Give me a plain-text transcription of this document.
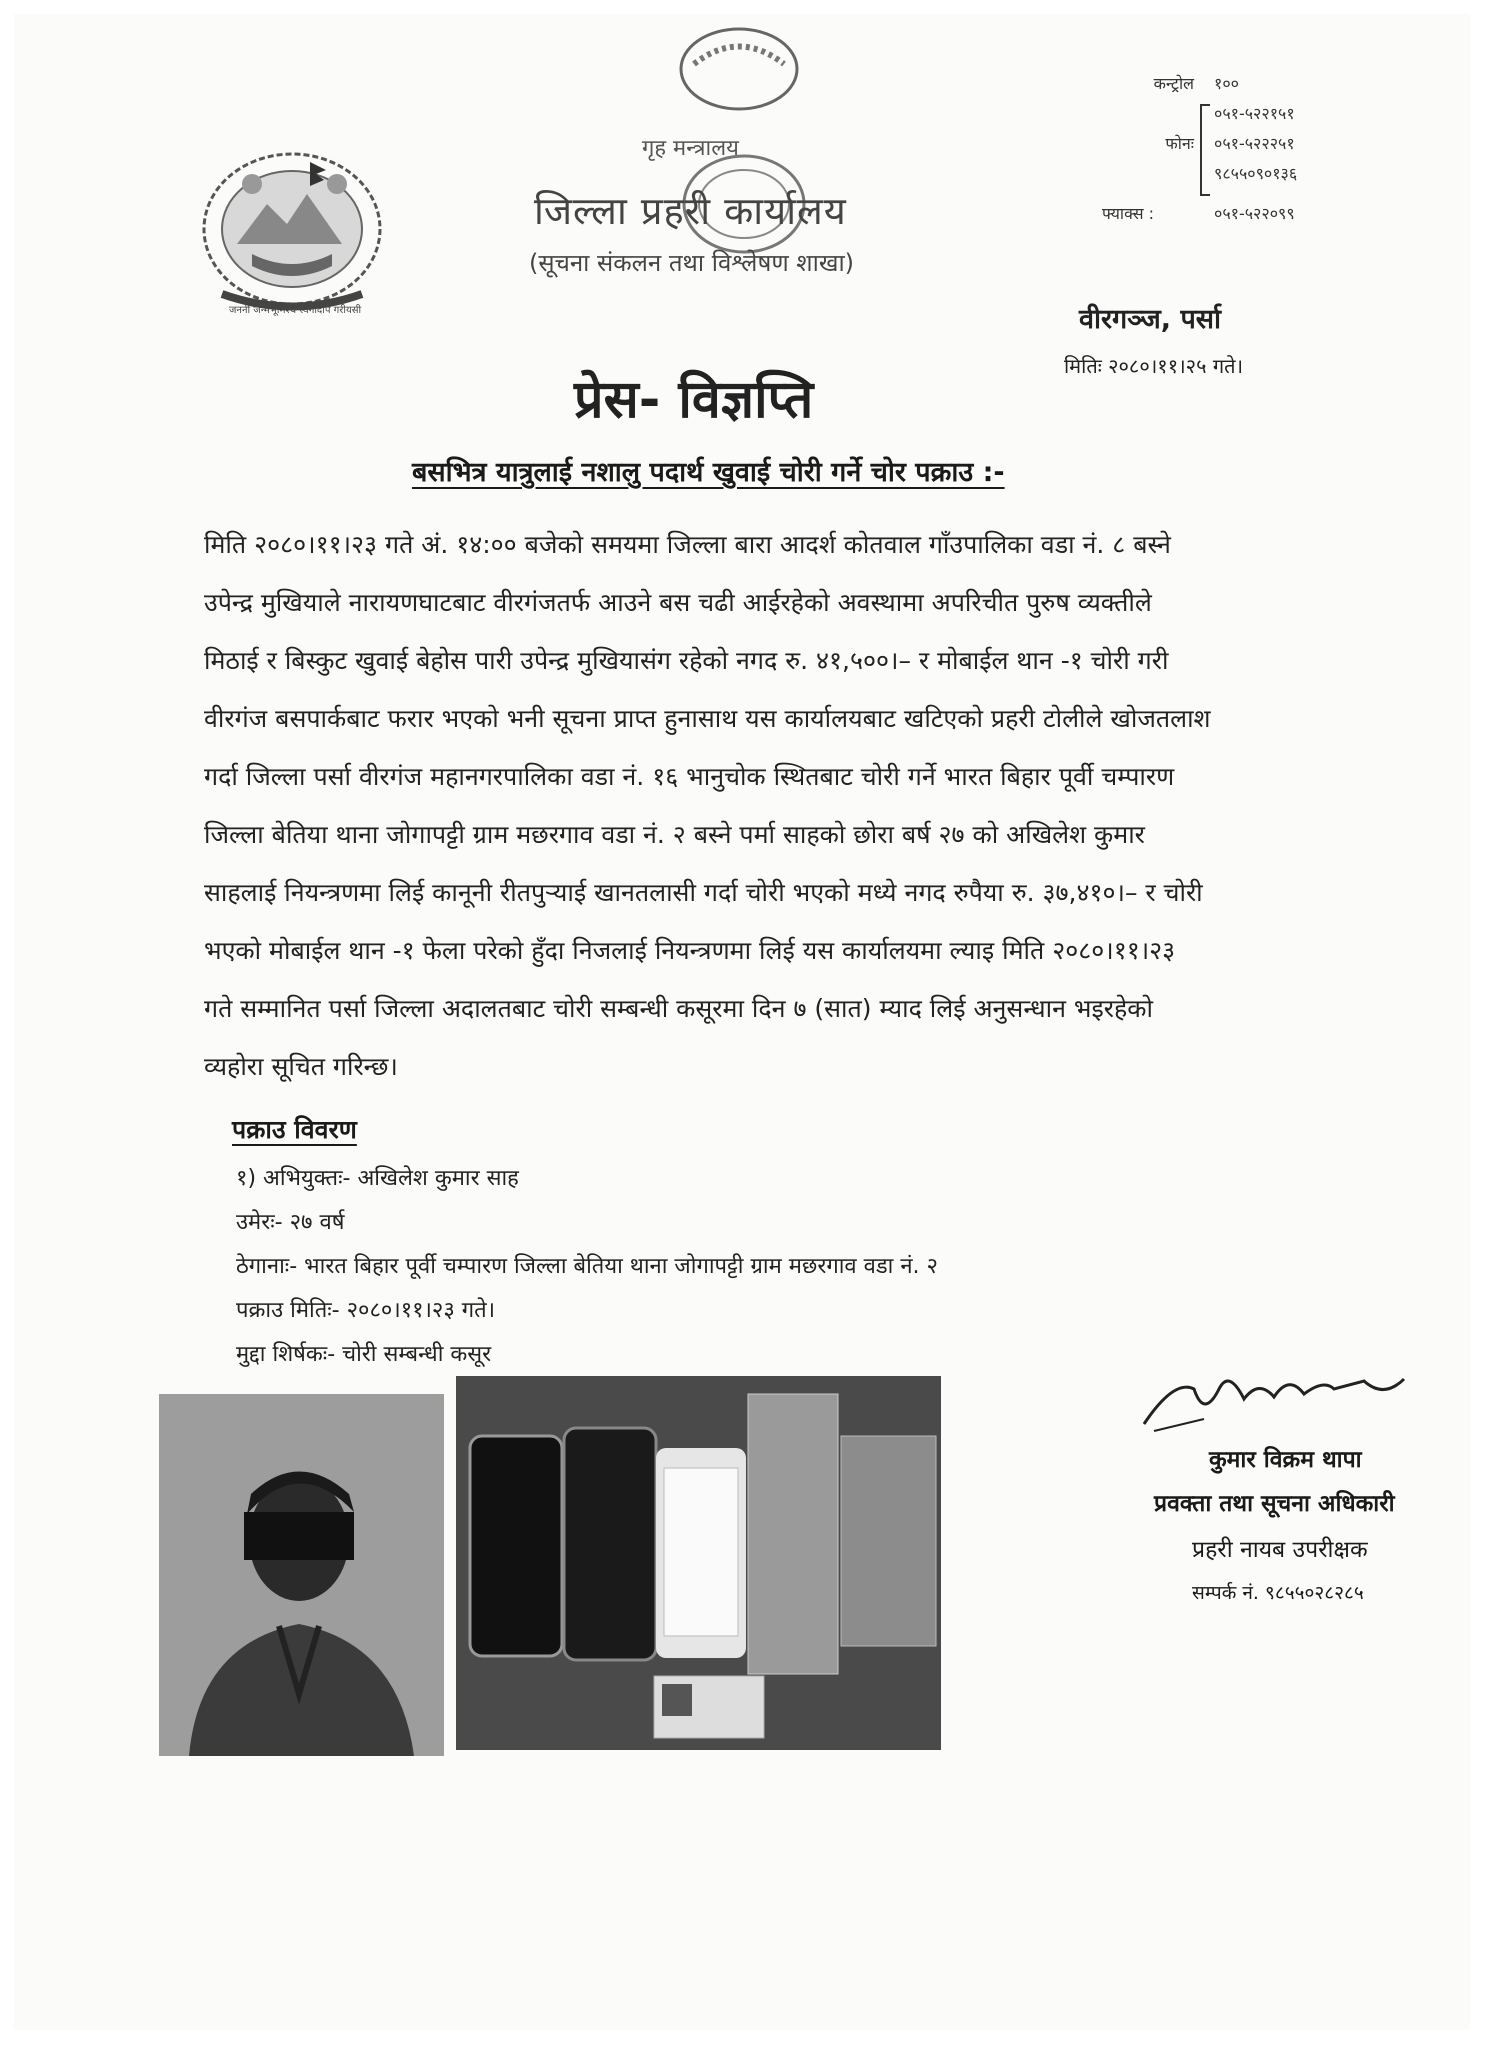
जननी जन्मभूमिश्च स्वर्गादपि गरीयसी
गृह मन्त्रालय
जिल्ला प्रहरी कार्यालय
(सूचना संकलन तथा विश्लेषण शाखा)
कन्ट्रोल १००
०५१-५२२१५१
फोनः ०५१-५२२२५१
९८५५०९०१३६
फ्याक्स :	०५१-५२२०९९
वीरगञ्ज, पर्सा
मितिः २०८०।११।२५ गते।
प्रेस- विज्ञप्ति
बसभित्र यात्रुलाई नशालु पदार्थ खुवाई चोरी गर्ने चोर पक्राउ :-
मिति २०८०।११।२३ गते अं. १४:०० बजेको समयमा जिल्ला बारा आदर्श कोतवाल गाँउपालिका वडा नं. ८ बस्ने
उपेन्द्र मुखियाले नारायणघाटबाट वीरगंजतर्फ आउने बस चढी आईरहेको अवस्थामा अपरिचीत पुरुष व्यक्तीले
मिठाई र बिस्कुट खुवाई बेहोस पारी उपेन्द्र मुखियासंग रहेको नगद रु. ४१,५००।– र मोबाईल थान -१ चोरी गरी
वीरगंज बसपार्कबाट फरार भएको भनी सूचना प्राप्त हुनासाथ यस कार्यालयबाट खटिएको प्रहरी टोलीले खोजतलाश
गर्दा जिल्ला पर्सा वीरगंज महानगरपालिका वडा नं. १६ भानुचोक स्थितबाट चोरी गर्ने भारत बिहार पूर्वी चम्पारण
जिल्ला बेतिया थाना जोगापट्टी ग्राम मछरगाव वडा नं. २ बस्ने पर्मा साहको छोरा बर्ष २७ को अखिलेश कुमार
साहलाई नियन्त्रणमा लिई कानूनी रीतपुऱ्याई खानतलासी गर्दा चोरी भएको मध्ये नगद रुपैया रु. ३७,४१०।– र चोरी
भएको मोबाईल थान -१ फेला परेको हुँदा निजलाई नियन्त्रणमा लिई यस कार्यालयमा ल्याइ मिति २०८०।११।२३
गते सम्मानित पर्सा जिल्ला अदालतबाट चोरी सम्बन्धी कसूरमा दिन ७ (सात) म्याद लिई अनुसन्धान भइरहेको
व्यहोरा सूचित गरिन्छ।
पक्राउ विवरण
१) अभियुक्तः- अखिलेश कुमार साह
उमेरः- २७ वर्ष
ठेगानाः- भारत बिहार पूर्वी चम्पारण जिल्ला बेतिया थाना जोगापट्टी ग्राम मछरगाव वडा नं. २
पक्राउ मितिः- २०८०।११।२३ गते।
मुद्दा शिर्षकः- चोरी सम्बन्धी कसूर
कुमार विक्रम थापा
प्रवक्ता तथा सूचना अधिकारी
प्रहरी नायब उपरीक्षक
सम्पर्क नं. ९८५५०२८२८५
